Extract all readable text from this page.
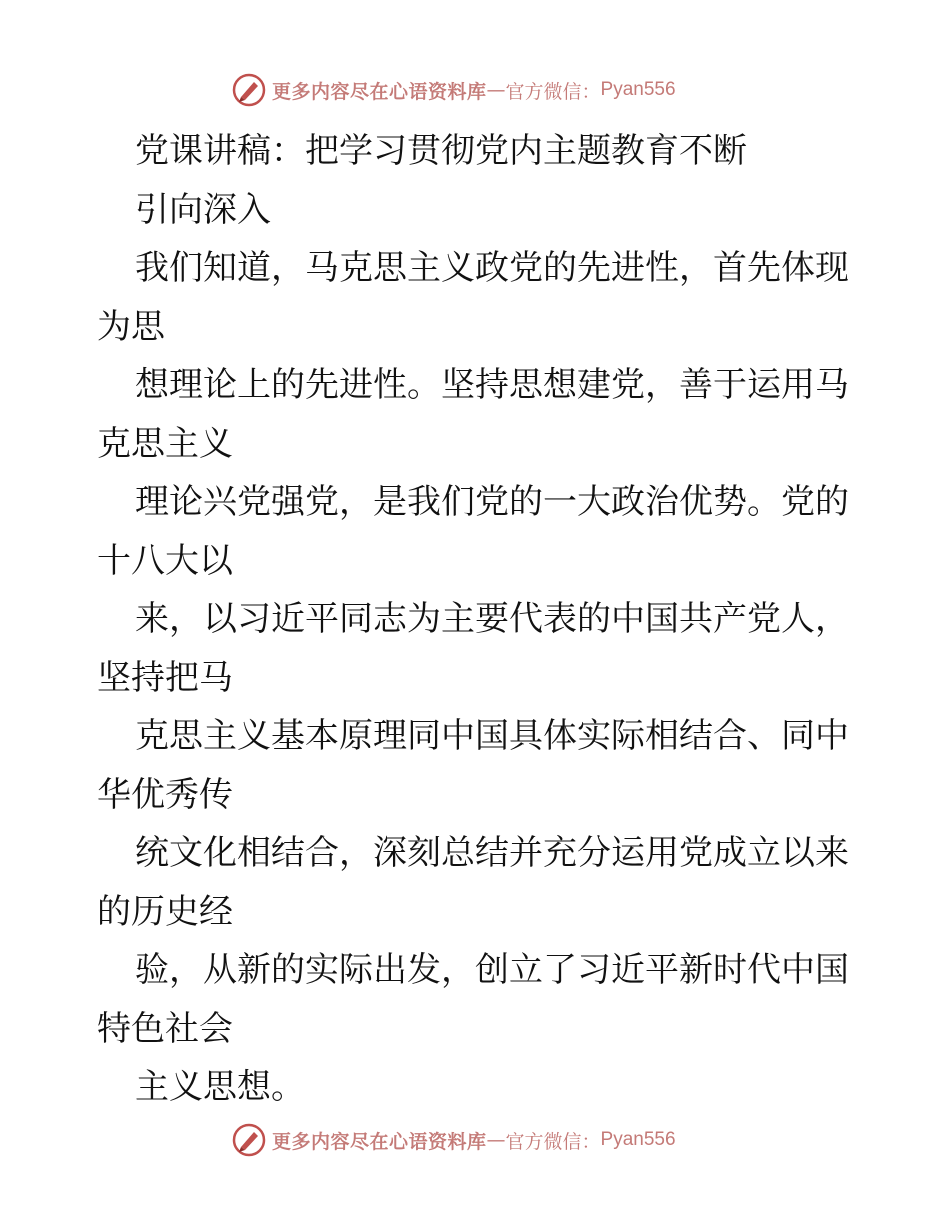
更多内容尽在心语资料库 — 官方微信： Pyan556
党课讲稿：把学习贯彻党内主题教育不断
引向深入
我们知道，马克思主义政党的先进性，首先体现
为思
想理论上的先进性。坚持思想建党，善于运用马
克思主义
理论兴党强党，是我们党的一大政治优势。党的
十八大以
来，以习近平同志为主要代表的中国共产党人，
坚持把马
克思主义基本原理同中国具体实际相结合、同中
华优秀传
统文化相结合，深刻总结并充分运用党成立以来
的历史经
验，从新的实际出发，创立了习近平新时代中国
特色社会
主义思想。
更多内容尽在心语资料库 — 官方微信： Pyan556
